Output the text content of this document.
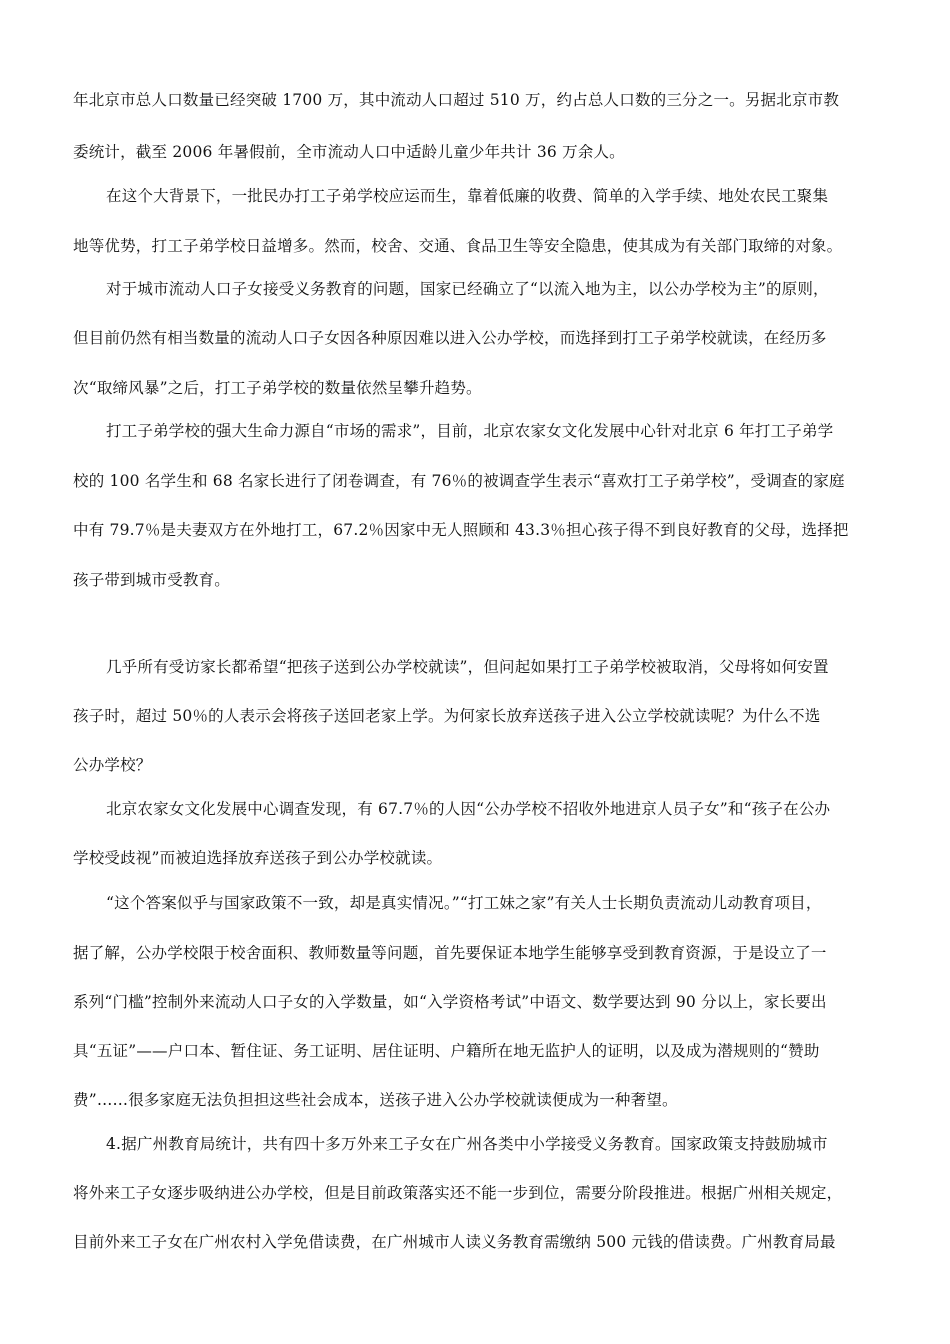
年北京市总人口数量已经突破 1700 万，其中流动人口超过 510 万，约占总人口数的三分之一。另据北京市教
委统计，截至 2006 年暑假前，全市流动人口中适龄儿童少年共计 36 万余人。
在这个大背景下，一批民办打工子弟学校应运而生，靠着低廉的收费、简单的入学手续、地处农民工聚集
地等优势，打工子弟学校日益增多。然而，校舍、交通、食品卫生等安全隐患，使其成为有关部门取缔的对象。
对于城市流动人口子女接受义务教育的问题，国家已经确立了“以流入地为主，以公办学校为主”的原则，
但目前仍然有相当数量的流动人口子女因各种原因难以进入公办学校，而选择到打工子弟学校就读，在经历多
次“取缔风暴”之后，打工子弟学校的数量依然呈攀升趋势。
打工子弟学校的强大生命力源自“市场的需求”，目前，北京农家女文化发展中心针对北京 6 年打工子弟学
校的 100 名学生和 68 名家长进行了闭卷调查，有 76％的被调查学生表示“喜欢打工子弟学校”，受调查的家庭
中有 79.7％是夫妻双方在外地打工，67.2％因家中无人照顾和 43.3％担心孩子得不到良好教育的父母，选择把
孩子带到城市受教育。
几乎所有受访家长都希望“把孩子送到公办学校就读”，但问起如果打工子弟学校被取消，父母将如何安置
孩子时，超过 50％的人表示会将孩子送回老家上学。为何家长放弃送孩子进入公立学校就读呢？为什么不选
公办学校？
北京农家女文化发展中心调查发现，有 67.7％的人因“公办学校不招收外地进京人员子女”和“孩子在公办
学校受歧视”而被迫选择放弃送孩子到公办学校就读。
“这个答案似乎与国家政策不一致，却是真实情况。”“打工妹之家”有关人士长期负责流动儿动教育项目，
据了解，公办学校限于校舍面积、教师数量等问题，首先要保证本地学生能够享受到教育资源，于是设立了一
系列“门槛”控制外来流动人口子女的入学数量，如“入学资格考试”中语文、数学要达到 90 分以上，家长要出
具“五证”——户口本、暂住证、务工证明、居住证明、户籍所在地无监护人的证明，以及成为潜规则的“赞助
费”……很多家庭无法负担担这些社会成本，送孩子进入公办学校就读便成为一种奢望。
4.据广州教育局统计，共有四十多万外来工子女在广州各类中小学接受义务教育。国家政策支持鼓励城市
将外来工子女逐步吸纳进公办学校，但是目前政策落实还不能一步到位，需要分阶段推进。根据广州相关规定，
目前外来工子女在广州农村入学免借读费，在广州城市人读义务教育需缴纳 500 元钱的借读费。广州教育局最
